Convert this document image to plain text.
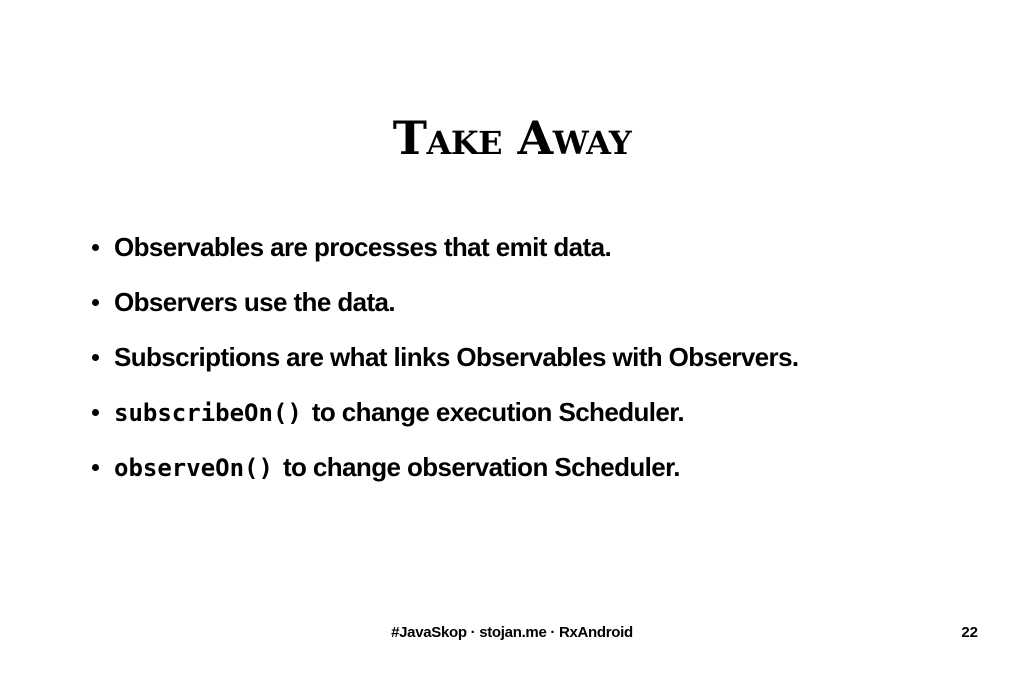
Take Away
Observables are processes that emit data.
Observers use the data.
Subscriptions are what links Observables with Observers.
subscribeOn() to change execution Scheduler.
observeOn() to change observation Scheduler.
#JavaSkop · stojan.me · RxAndroid	22
